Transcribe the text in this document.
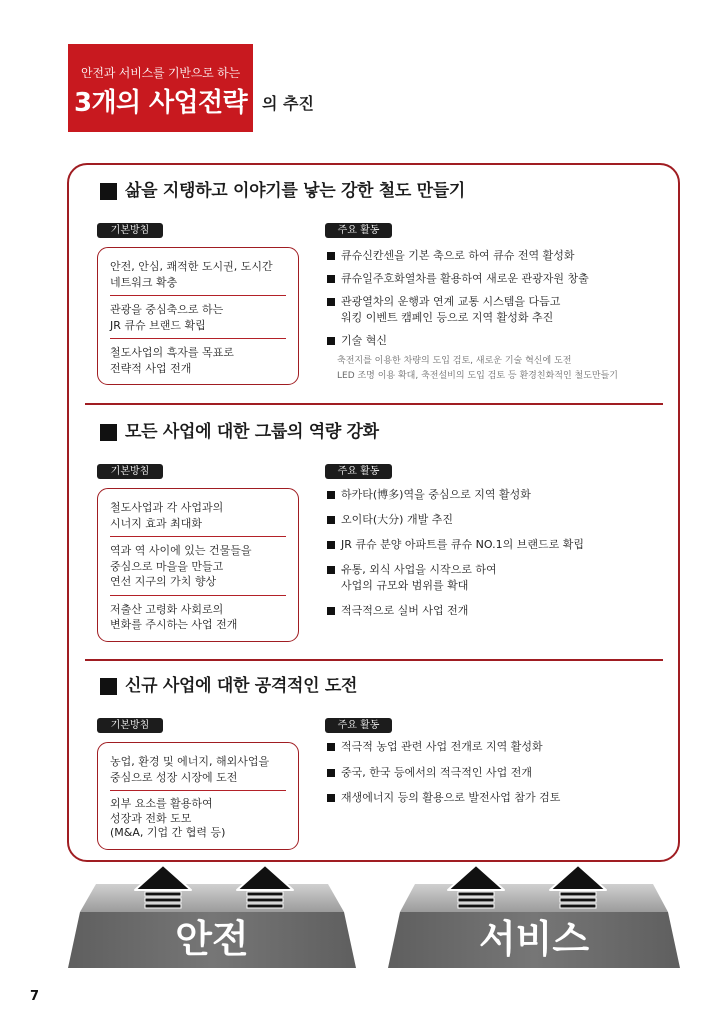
안전과 서비스를 기반으로 하는
3개의 사업전략 의 추진
삶을 지탱하고 이야기를 낳는 강한 철도 만들기
기본방침	주요 활동
안전, 안심, 쾌적한 도시권, 도시간
네트워크 확충
관광을 중심축으로 하는
JR 큐슈 브랜드 확립
철도사업의 흑자를 목표로
전략적 사업 전개
큐슈신칸센을 기본 축으로 하여 큐슈 전역 활성화
큐슈일주호화열차를 활용하여 새로운 관광자원 창출
관광열차의 운행과 연계 교통 시스템을 다듬고
워킹 이벤트 캠페인 등으로 지역 활성화 추진
기술 혁신
축전지를 이용한 차량의 도입 검토, 새로운 기술 혁신에 도전
LED 조명 이용 확대, 축전설비의 도입 검토 등 환경친화적인 철도만들기
모든 사업에 대한 그룹의 역량 강화
기본방침	주요 활동
철도사업과 각 사업과의
시너지 효과 최대화
역과 역 사이에 있는 건물들을
중심으로 마을을 만들고
연선 지구의 가치 향상
저출산 고령화 사회로의
변화를 주시하는 사업 전개
하카타(博多)역을 중심으로 지역 활성화
오이타(大分) 개발 추진
JR 큐슈 분양 아파트를 큐슈 NO.1의 브랜드로 확립
유통, 외식 사업을 시작으로 하여
사업의 규모와 범위를 확대
적극적으로 실버 사업 전개
신규 사업에 대한 공격적인 도전
기본방침	주요 활동
농업, 환경 및 에너지, 해외사업을
중심으로 성장 시장에 도전
외부 요소를 활용하여
성장과 전화 도모
(M&A, 기업 간 협력 등)
적극적 농업 관련 사업 전개로 지역 활성화
중국, 한국 등에서의 적극적인 사업 전개
재생에너지 등의 활용으로 발전사업 참가 검토
안전	서비스
7
